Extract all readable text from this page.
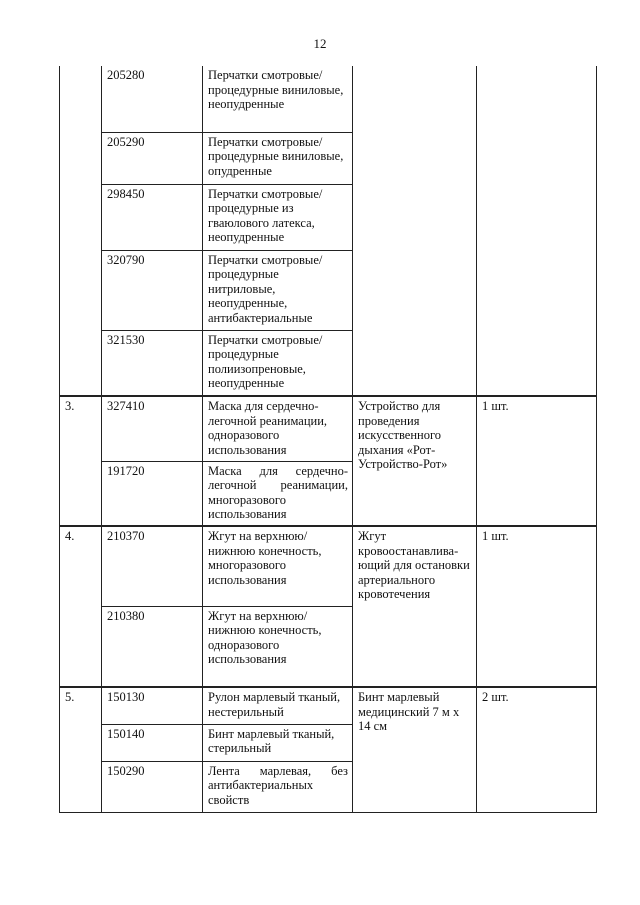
12
	205280	Перчатки смотровые/процедурные виниловые, неопудренные		
	205290	Перчатки смотровые/процедурные виниловые, опудренные		
	298450	Перчатки смотровые/процедурные из гваюлового латекса, неопудренные		
	320790	Перчатки смотровые/процедурные нитриловые, неопудренные, антибактериальные		
	321530	Перчатки смотровые/процедурные полиизопреновые, неопудренные		
3.	327410	Маска для сердечно-легочной реанимации, одноразового использования	Устройство для проведения искусственного дыхания «Рот-Устройство-Рот»	1 шт.
	191720	Маска для сердечно-легочной реанимации, многоразового использования		
4.	210370	Жгут на верхнюю/нижнюю конечность, многоразового использования	Жгут кровоостанавлива-ющий для остановки артериального кровотечения	1 шт.
	210380	Жгут на верхнюю/нижнюю конечность, одноразового использования		
5.	150130	Рулон марлевый тканый, нестерильный	Бинт марлевый медицинский 7 м х 14 см	2 шт.
	150140	Бинт марлевый тканый, стерильный		
	150290	Лента марлевая, без антибактериальных свойств		
